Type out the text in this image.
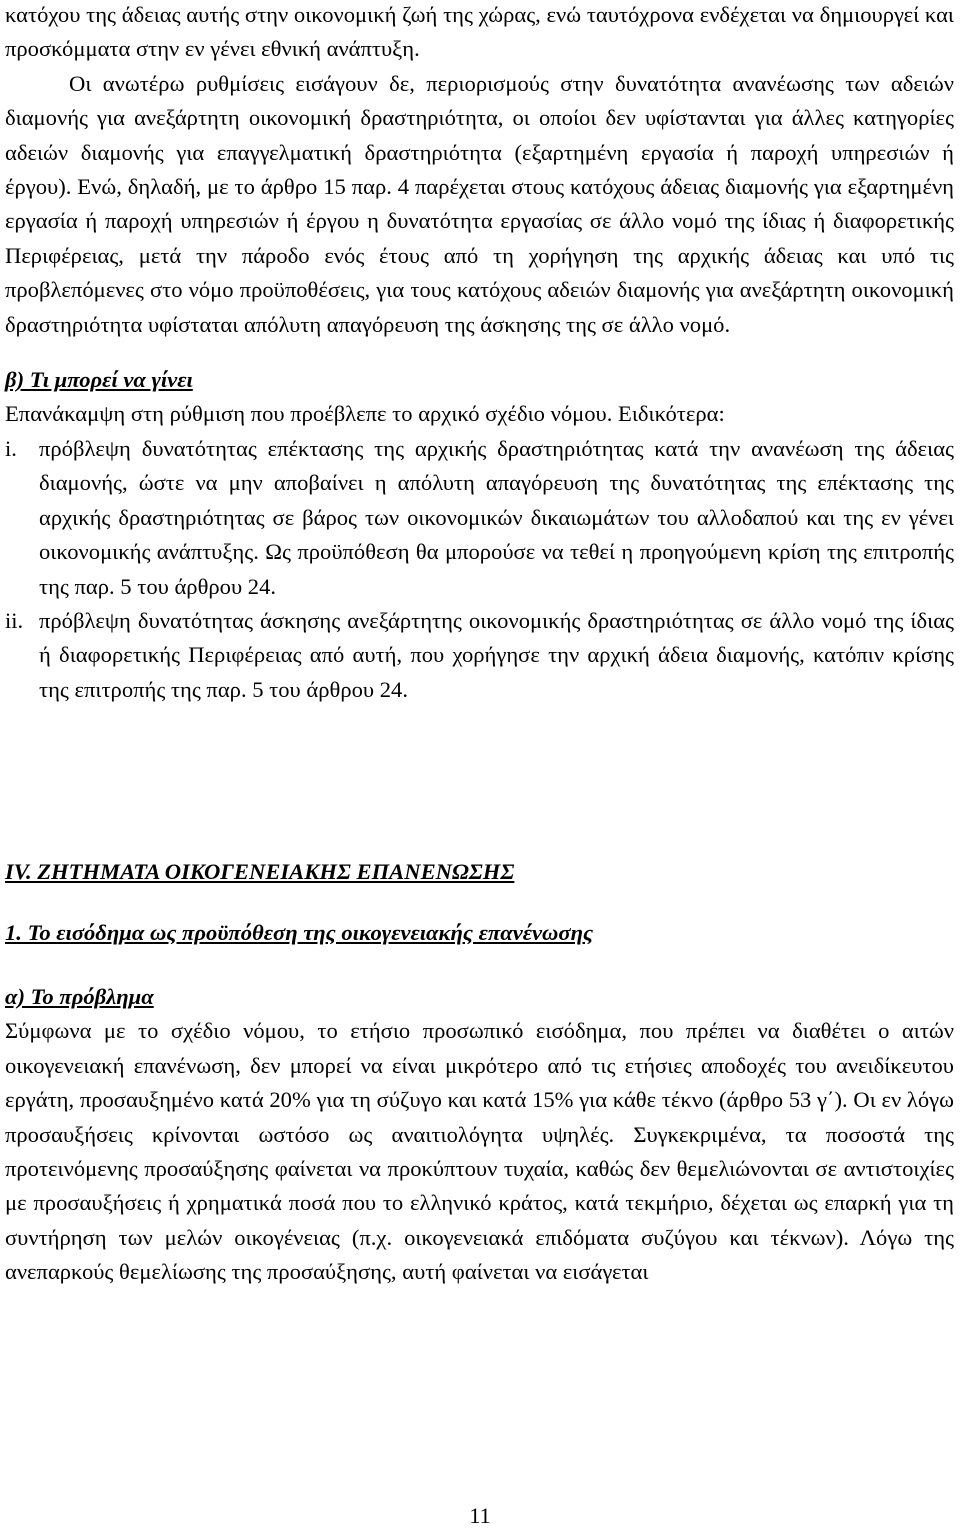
κατόχου της άδειας αυτής στην οικονομική ζωή της χώρας, ενώ ταυτόχρονα ενδέχεται να δημιουργεί και προσκόμματα στην εν γένει εθνική ανάπτυξη.

Οι ανωτέρω ρυθμίσεις εισάγουν δε, περιορισμούς στην δυνατότητα ανανέωσης των αδειών διαμονής για ανεξάρτητη οικονομική δραστηριότητα, οι οποίοι δεν υφίστανται για άλλες κατηγορίες αδειών διαμονής για επαγγελματική δραστηριότητα (εξαρτημένη εργασία ή παροχή υπηρεσιών ή έργου). Ενώ, δηλαδή, με το άρθρο 15 παρ. 4 παρέχεται στους κατόχους άδειας διαμονής για εξαρτημένη εργασία ή παροχή υπηρεσιών ή έργου η δυνατότητα εργασίας σε άλλο νομό της ίδιας ή διαφορετικής Περιφέρειας, μετά την πάροδο ενός έτους από τη χορήγηση της αρχικής άδειας και υπό τις προβλεπόμενες στο νόμο προϋποθέσεις, για τους κατόχους αδειών διαμονής για ανεξάρτητη οικονομική δραστηριότητα υφίσταται απόλυτη απαγόρευση της άσκησης της σε άλλο νομό.

β) Τι μπορεί να γίνει

Επανάκαμψη στη ρύθμιση που προέβλεπε το αρχικό σχέδιο νόμου. Ειδικότερα:

i. πρόβλεψη δυνατότητας επέκτασης της αρχικής δραστηριότητας κατά την ανανέωση της άδειας διαμονής, ώστε να μην αποβαίνει η απόλυτη απαγόρευση της δυνατότητας της επέκτασης της αρχικής δραστηριότητας σε βάρος των οικονομικών δικαιωμάτων του αλλοδαπού και της εν γένει οικονομικής ανάπτυξης. Ως προϋπόθεση θα μπορούσε να τεθεί η προηγούμενη κρίση της επιτροπής της παρ. 5 του άρθρου 24.
ii. πρόβλεψη δυνατότητας άσκησης ανεξάρτητης οικονομικής δραστηριότητας σε άλλο νομό της ίδιας ή διαφορετικής Περιφέρειας από αυτή, που χορήγησε την αρχική άδεια διαμονής, κατόπιν κρίσης της επιτροπής της παρ. 5 του άρθρου 24.

IV. ΖΗΤΗΜΑΤΑ ΟΙΚΟΓΕΝΕΙΑΚΗΣ ΕΠΑΝΕΝΩΣΗΣ

1. Το εισόδημα ως προϋπόθεση της οικογενειακής επανένωσης

α) Το πρόβλημα

Σύμφωνα με το σχέδιο νόμου, το ετήσιο προσωπικό εισόδημα, που πρέπει να διαθέτει ο αιτών οικογενειακή επανένωση, δεν μπορεί να είναι μικρότερο από τις ετήσιες αποδοχές του ανειδίκευτου εργάτη, προσαυξημένο κατά 20% για τη σύζυγο και κατά 15% για κάθε τέκνο (άρθρο 53 γ΄). Οι εν λόγω προσαυξήσεις κρίνονται ωστόσο ως αναιτιολόγητα υψηλές. Συγκεκριμένα, τα ποσοστά της προτεινόμενης προσαύξησης φαίνεται να προκύπτουν τυχαία, καθώς δεν θεμελιώνονται σε αντιστοιχίες με προσαυξήσεις ή χρηματικά ποσά που το ελληνικό κράτος, κατά τεκμήριο, δέχεται ως επαρκή για τη συντήρηση των μελών οικογένειας (π.χ. οικογενειακά επιδόματα συζύγου και τέκνων). Λόγω της ανεπαρκούς θεμελίωσης της προσαύξησης, αυτή φαίνεται να εισάγεται

11
